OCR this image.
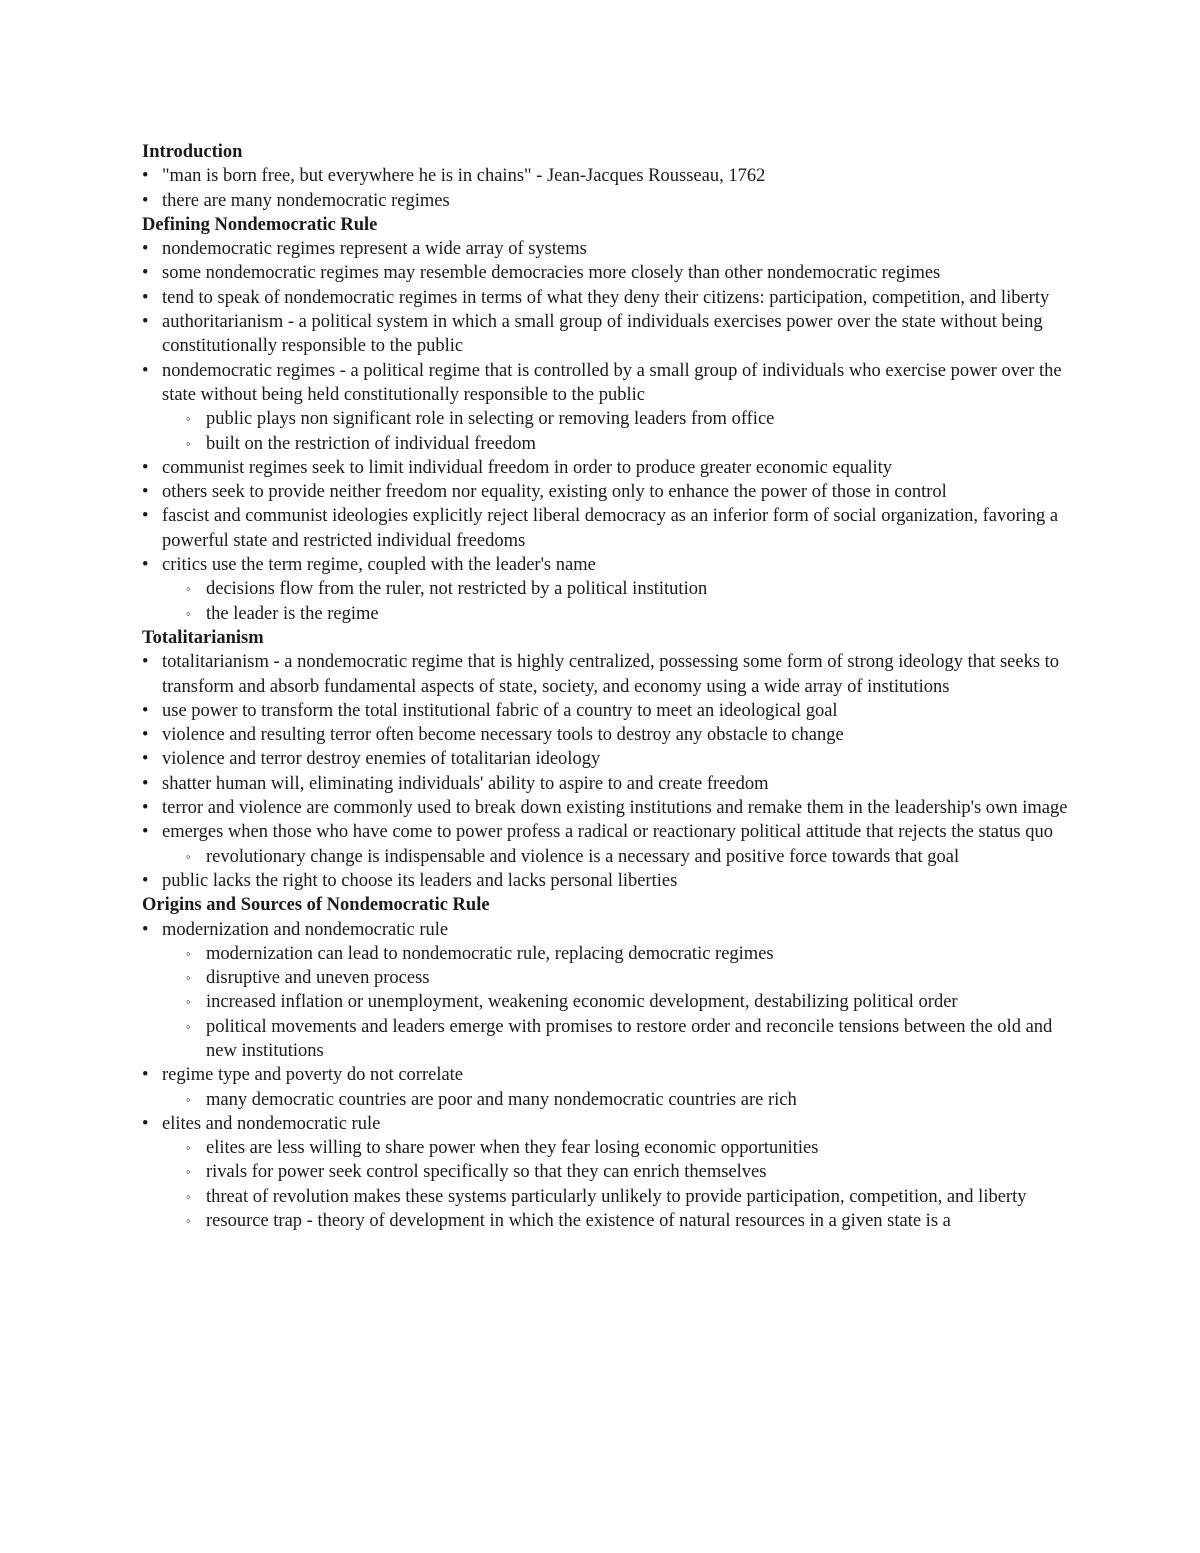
Introduction
• "man is born free, but everywhere he is in chains" - Jean-Jacques Rousseau, 1762
• there are many nondemocratic regimes
Defining Nondemocratic Rule
• nondemocratic regimes represent a wide array of systems
• some nondemocratic regimes may resemble democracies more closely than other nondemocratic regimes
• tend to speak of nondemocratic regimes in terms of what they deny their citizens: participation, competition, and liberty
• authoritarianism - a political system in which a small group of individuals exercises power over the state without being constitutionally responsible to the public
• nondemocratic regimes - a political regime that is controlled by a small group of individuals who exercise power over the state without being held constitutionally responsible to the public
◦ public plays non significant role in selecting or removing leaders from office
◦ built on the restriction of individual freedom
• communist regimes seek to limit individual freedom in order to produce greater economic equality
• others seek to provide neither freedom nor equality, existing only to enhance the power of those in control
• fascist and communist ideologies explicitly reject liberal democracy as an inferior form of social organization, favoring a powerful state and restricted individual freedoms
• critics use the term regime, coupled with the leader's name
◦ decisions flow from the ruler, not restricted by a political institution
◦ the leader is the regime
Totalitarianism
• totalitarianism - a nondemocratic regime that is highly centralized, possessing some form of strong ideology that seeks to transform and absorb fundamental aspects of state, society, and economy using a wide array of institutions
• use power to transform the total institutional fabric of a country to meet an ideological goal
• violence and resulting terror often become necessary tools to destroy any obstacle to change
• violence and terror destroy enemies of totalitarian ideology
• shatter human will, eliminating individuals' ability to aspire to and create freedom
• terror and violence are commonly used to break down existing institutions and remake them in the leadership's own image
• emerges when those who have come to power profess a radical or reactionary political attitude that rejects the status quo
◦ revolutionary change is indispensable and violence is a necessary and positive force towards that goal
• public lacks the right to choose its leaders and lacks personal liberties
Origins and Sources of Nondemocratic Rule
• modernization and nondemocratic rule
◦ modernization can lead to nondemocratic rule, replacing democratic regimes
◦ disruptive and uneven process
◦ increased inflation or unemployment, weakening economic development, destabilizing political order
◦ political movements and leaders emerge with promises to restore order and reconcile tensions between the old and new institutions
• regime type and poverty do not correlate
◦ many democratic countries are poor and many nondemocratic countries are rich
• elites and nondemocratic rule
◦ elites are less willing to share power when they fear losing economic opportunities
◦ rivals for power seek control specifically so that they can enrich themselves
◦ threat of revolution makes these systems particularly unlikely to provide participation, competition, and liberty
◦ resource trap - theory of development in which the existence of natural resources in a given state is a
